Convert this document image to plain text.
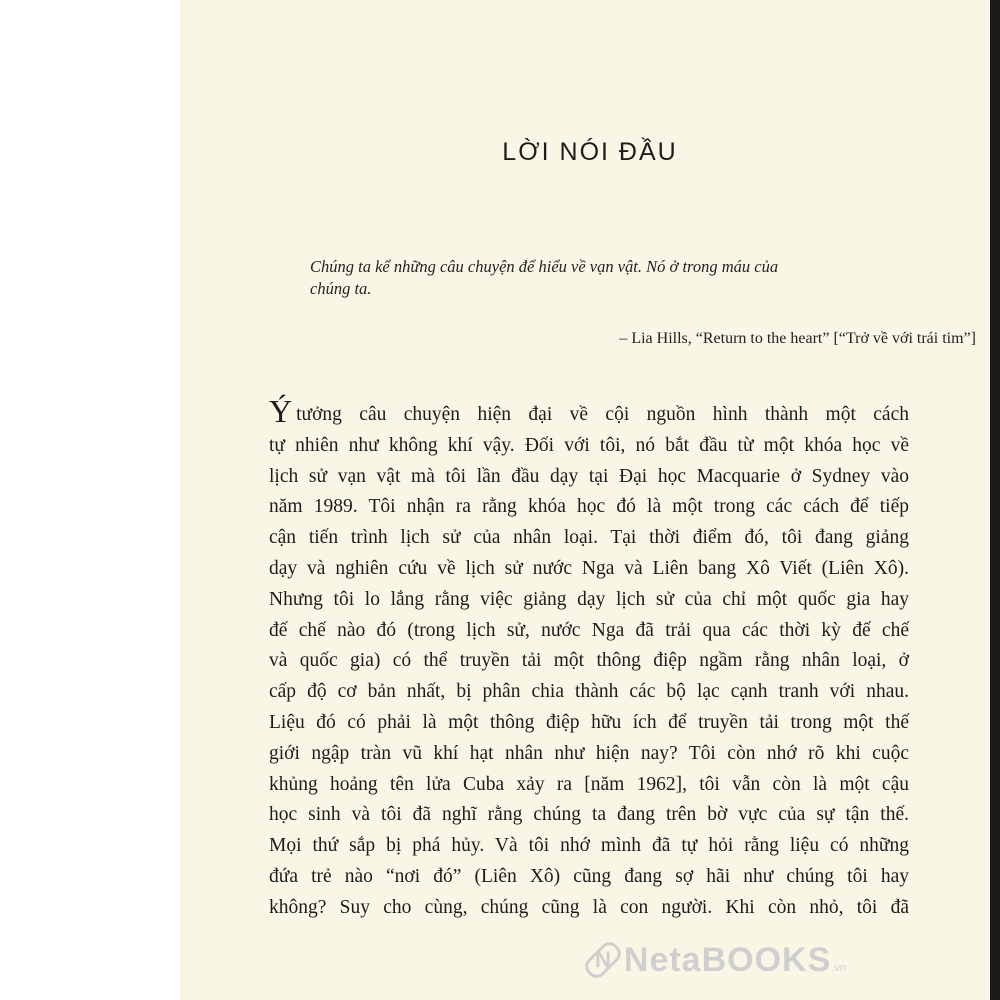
LỜI NÓI ĐẦU
Chúng ta kể những câu chuyện để hiểu về vạn vật. Nó ở trong máu của
chúng ta.
– Lia Hills, “Return to the heart” [“Trở về với trái tim”]
Ýtưởng câu chuyện hiện đại về cội nguồn hình thành một cách
tự nhiên như không khí vậy. Đối với tôi, nó bắt đầu từ một khóa học về
lịch sử vạn vật mà tôi lần đầu dạy tại Đại học Macquarie ở Sydney vào
năm 1989. Tôi nhận ra rằng khóa học đó là một trong các cách để tiếp
cận tiến trình lịch sử của nhân loại. Tại thời điểm đó, tôi đang giảng
dạy và nghiên cứu về lịch sử nước Nga và Liên bang Xô Viết (Liên Xô).
Nhưng tôi lo lắng rằng việc giảng dạy lịch sử của chỉ một quốc gia hay
đế chế nào đó (trong lịch sử, nước Nga đã trải qua các thời kỳ đế chế
và quốc gia) có thể truyền tải một thông điệp ngầm rằng nhân loại, ở
cấp độ cơ bản nhất, bị phân chia thành các bộ lạc cạnh tranh với nhau.
Liệu đó có phải là một thông điệp hữu ích để truyền tải trong một thế
giới ngập tràn vũ khí hạt nhân như hiện nay? Tôi còn nhớ rõ khi cuộc
khủng hoảng tên lửa Cuba xảy ra [năm 1962], tôi vẫn còn là một cậu
học sinh và tôi đã nghĩ rằng chúng ta đang trên bờ vực của sự tận thế.
Mọi thứ sắp bị phá hủy. Và tôi nhớ mình đã tự hỏi rằng liệu có những
đứa trẻ nào “nơi đó” (Liên Xô) cũng đang sợ hãi như chúng tôi hay
không? Suy cho cùng, chúng cũng là con người. Khi còn nhỏ, tôi đã
N NetaBOOKS .vn
